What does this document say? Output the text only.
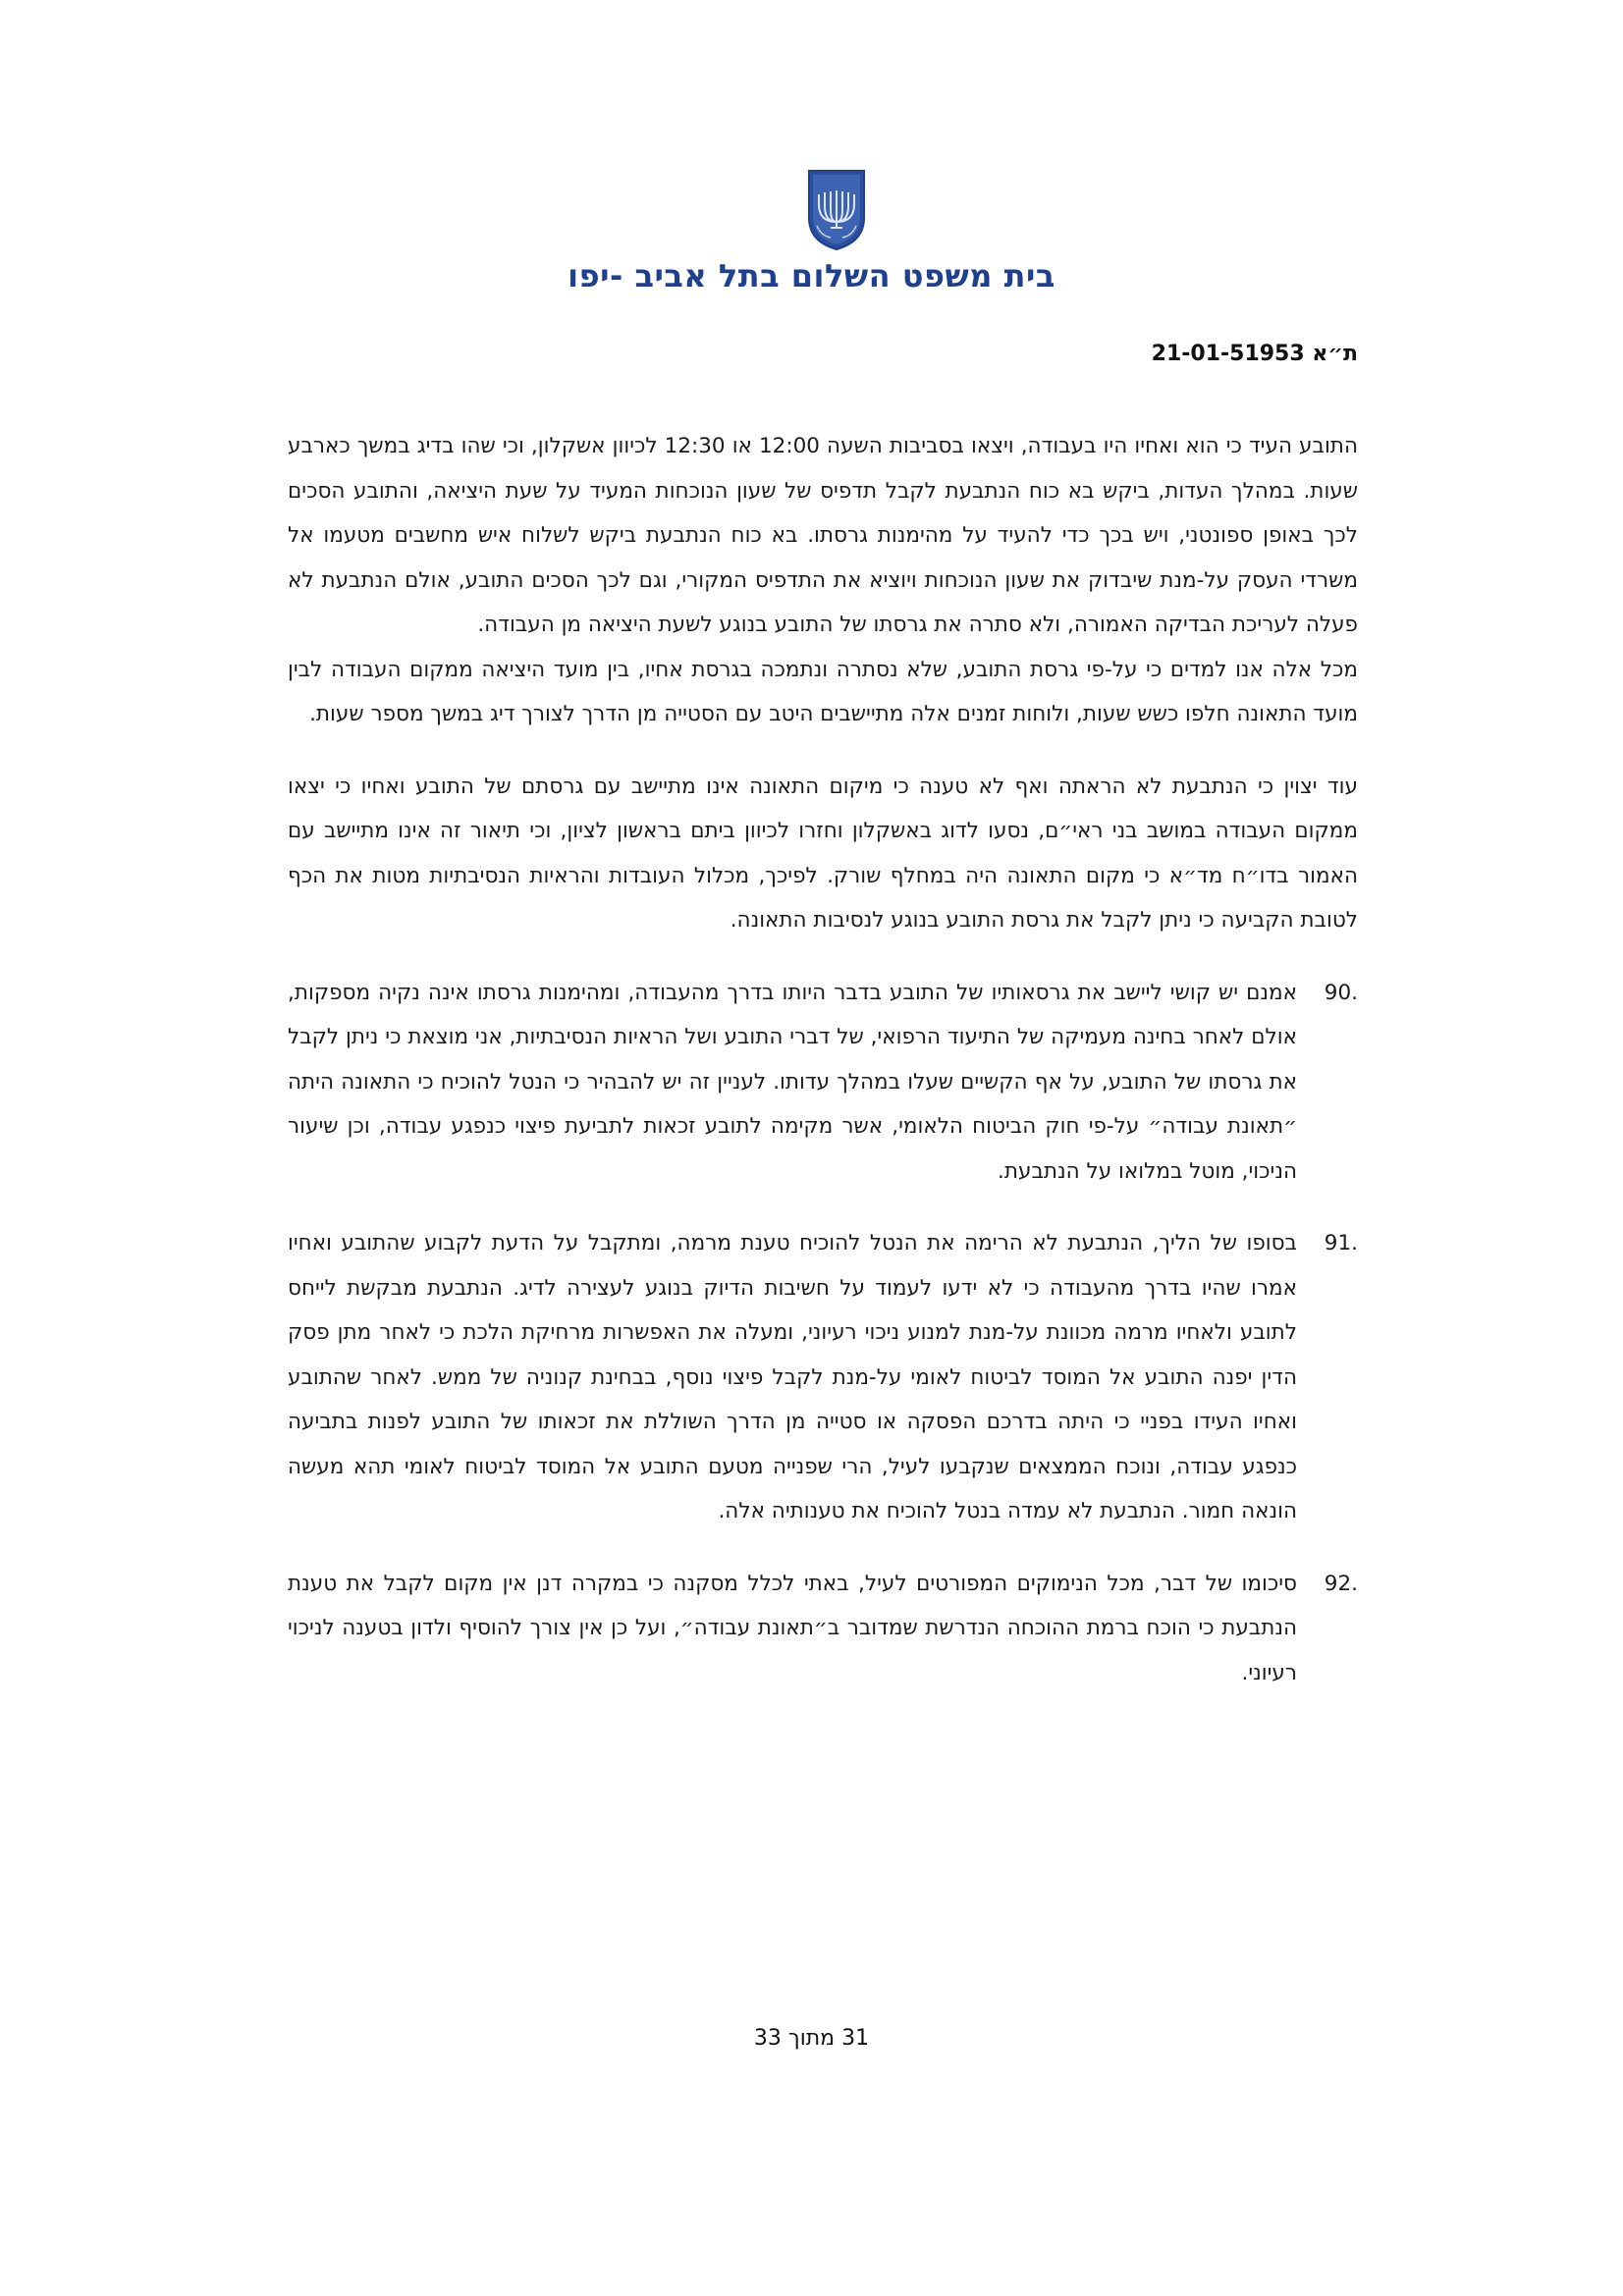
בית משפט השלום בתל אביב -יפו
ת״א 21-01-51953

התובע העיד כי הוא ואחיו היו בעבודה, ויצאו בסביבות השעה 12:00 או 12:30 לכיוון אשקלון, וכי שהו בדיג במשך כארבע שעות. במהלך העדות, ביקש בא כוח הנתבעת לקבל תדפיס של שעון הנוכחות המעיד על שעת היציאה, והתובע הסכים לכך באופן ספונטני, ויש בכך כדי להעיד על מהימנות גרסתו. בא כוח הנתבעת ביקש לשלוח איש מחשבים מטעמו אל משרדי העסק על-מנת שיבדוק את שעון הנוכחות ויוציא את התדפיס המקורי, וגם לכך הסכים התובע, אולם הנתבעת לא פעלה לעריכת הבדיקה האמורה, ולא סתרה את גרסתו של התובע בנוגע לשעת היציאה מן העבודה.

מכל אלה אנו למדים כי על-פי גרסת התובע, שלא נסתרה ונתמכה בגרסת אחיו, בין מועד היציאה ממקום העבודה לבין מועד התאונה חלפו כשש שעות, ולוחות זמנים אלה מתיישבים היטב עם הסטייה מן הדרך לצורך דיג במשך מספר שעות.

עוד יצוין כי הנתבעת לא הראתה ואף לא טענה כי מיקום התאונה אינו מתיישב עם גרסתם של התובע ואחיו כי יצאו ממקום העבודה במושב בני ראי״ם, נסעו לדוג באשקלון וחזרו לכיוון ביתם בראשון לציון, וכי תיאור זה אינו מתיישב עם האמור בדו״ח מד״א כי מקום התאונה היה במחלף שורק. לפיכך, מכלול העובדות והראיות הנסיבתיות מטות את הכף לטובת הקביעה כי ניתן לקבל את גרסת התובע בנוגע לנסיבות התאונה.

.90
אמנם יש קושי ליישב את גרסאותיו של התובע בדבר היותו בדרך מהעבודה, ומהימנות גרסתו אינה נקיה מספקות, אולם לאחר בחינה מעמיקה של התיעוד הרפואי, של דברי התובע ושל הראיות הנסיבתיות, אני מוצאת כי ניתן לקבל את גרסתו של התובע, על אף הקשיים שעלו במהלך עדותו. לעניין זה יש להבהיר כי הנטל להוכיח כי התאונה היתה ״תאונת עבודה״ על-פי חוק הביטוח הלאומי, אשר מקימה לתובע זכאות לתביעת פיצוי כנפגע עבודה, וכן שיעור הניכוי, מוטל במלואו על הנתבעת.
.91
בסופו של הליך, הנתבעת לא הרימה את הנטל להוכיח טענת מרמה, ומתקבל על הדעת לקבוע שהתובע ואחיו אמרו שהיו בדרך מהעבודה כי לא ידעו לעמוד על חשיבות הדיוק בנוגע לעצירה לדיג. הנתבעת מבקשת לייחס לתובע ולאחיו מרמה מכוונת על-מנת למנוע ניכוי רעיוני, ומעלה את האפשרות מרחיקת הלכת כי לאחר מתן פסק הדין יפנה התובע אל המוסד לביטוח לאומי על-מנת לקבל פיצוי נוסף, בבחינת קנוניה של ממש. לאחר שהתובע ואחיו העידו בפניי כי היתה בדרכם הפסקה או סטייה מן הדרך השוללת את זכאותו של התובע לפנות בתביעה כנפגע עבודה, ונוכח הממצאים שנקבעו לעיל, הרי שפנייה מטעם התובע אל המוסד לביטוח לאומי תהא מעשה הונאה חמור. הנתבעת לא עמדה בנטל להוכיח את טענותיה אלה.
.92
סיכומו של דבר, מכל הנימוקים המפורטים לעיל, באתי לכלל מסקנה כי במקרה דנן אין מקום לקבל את טענת הנתבעת כי הוכח ברמת ההוכחה הנדרשת שמדובר ב״תאונת עבודה״, ועל כן אין צורך להוסיף ולדון בטענה לניכוי רעיוני.
31 מתוך 33
